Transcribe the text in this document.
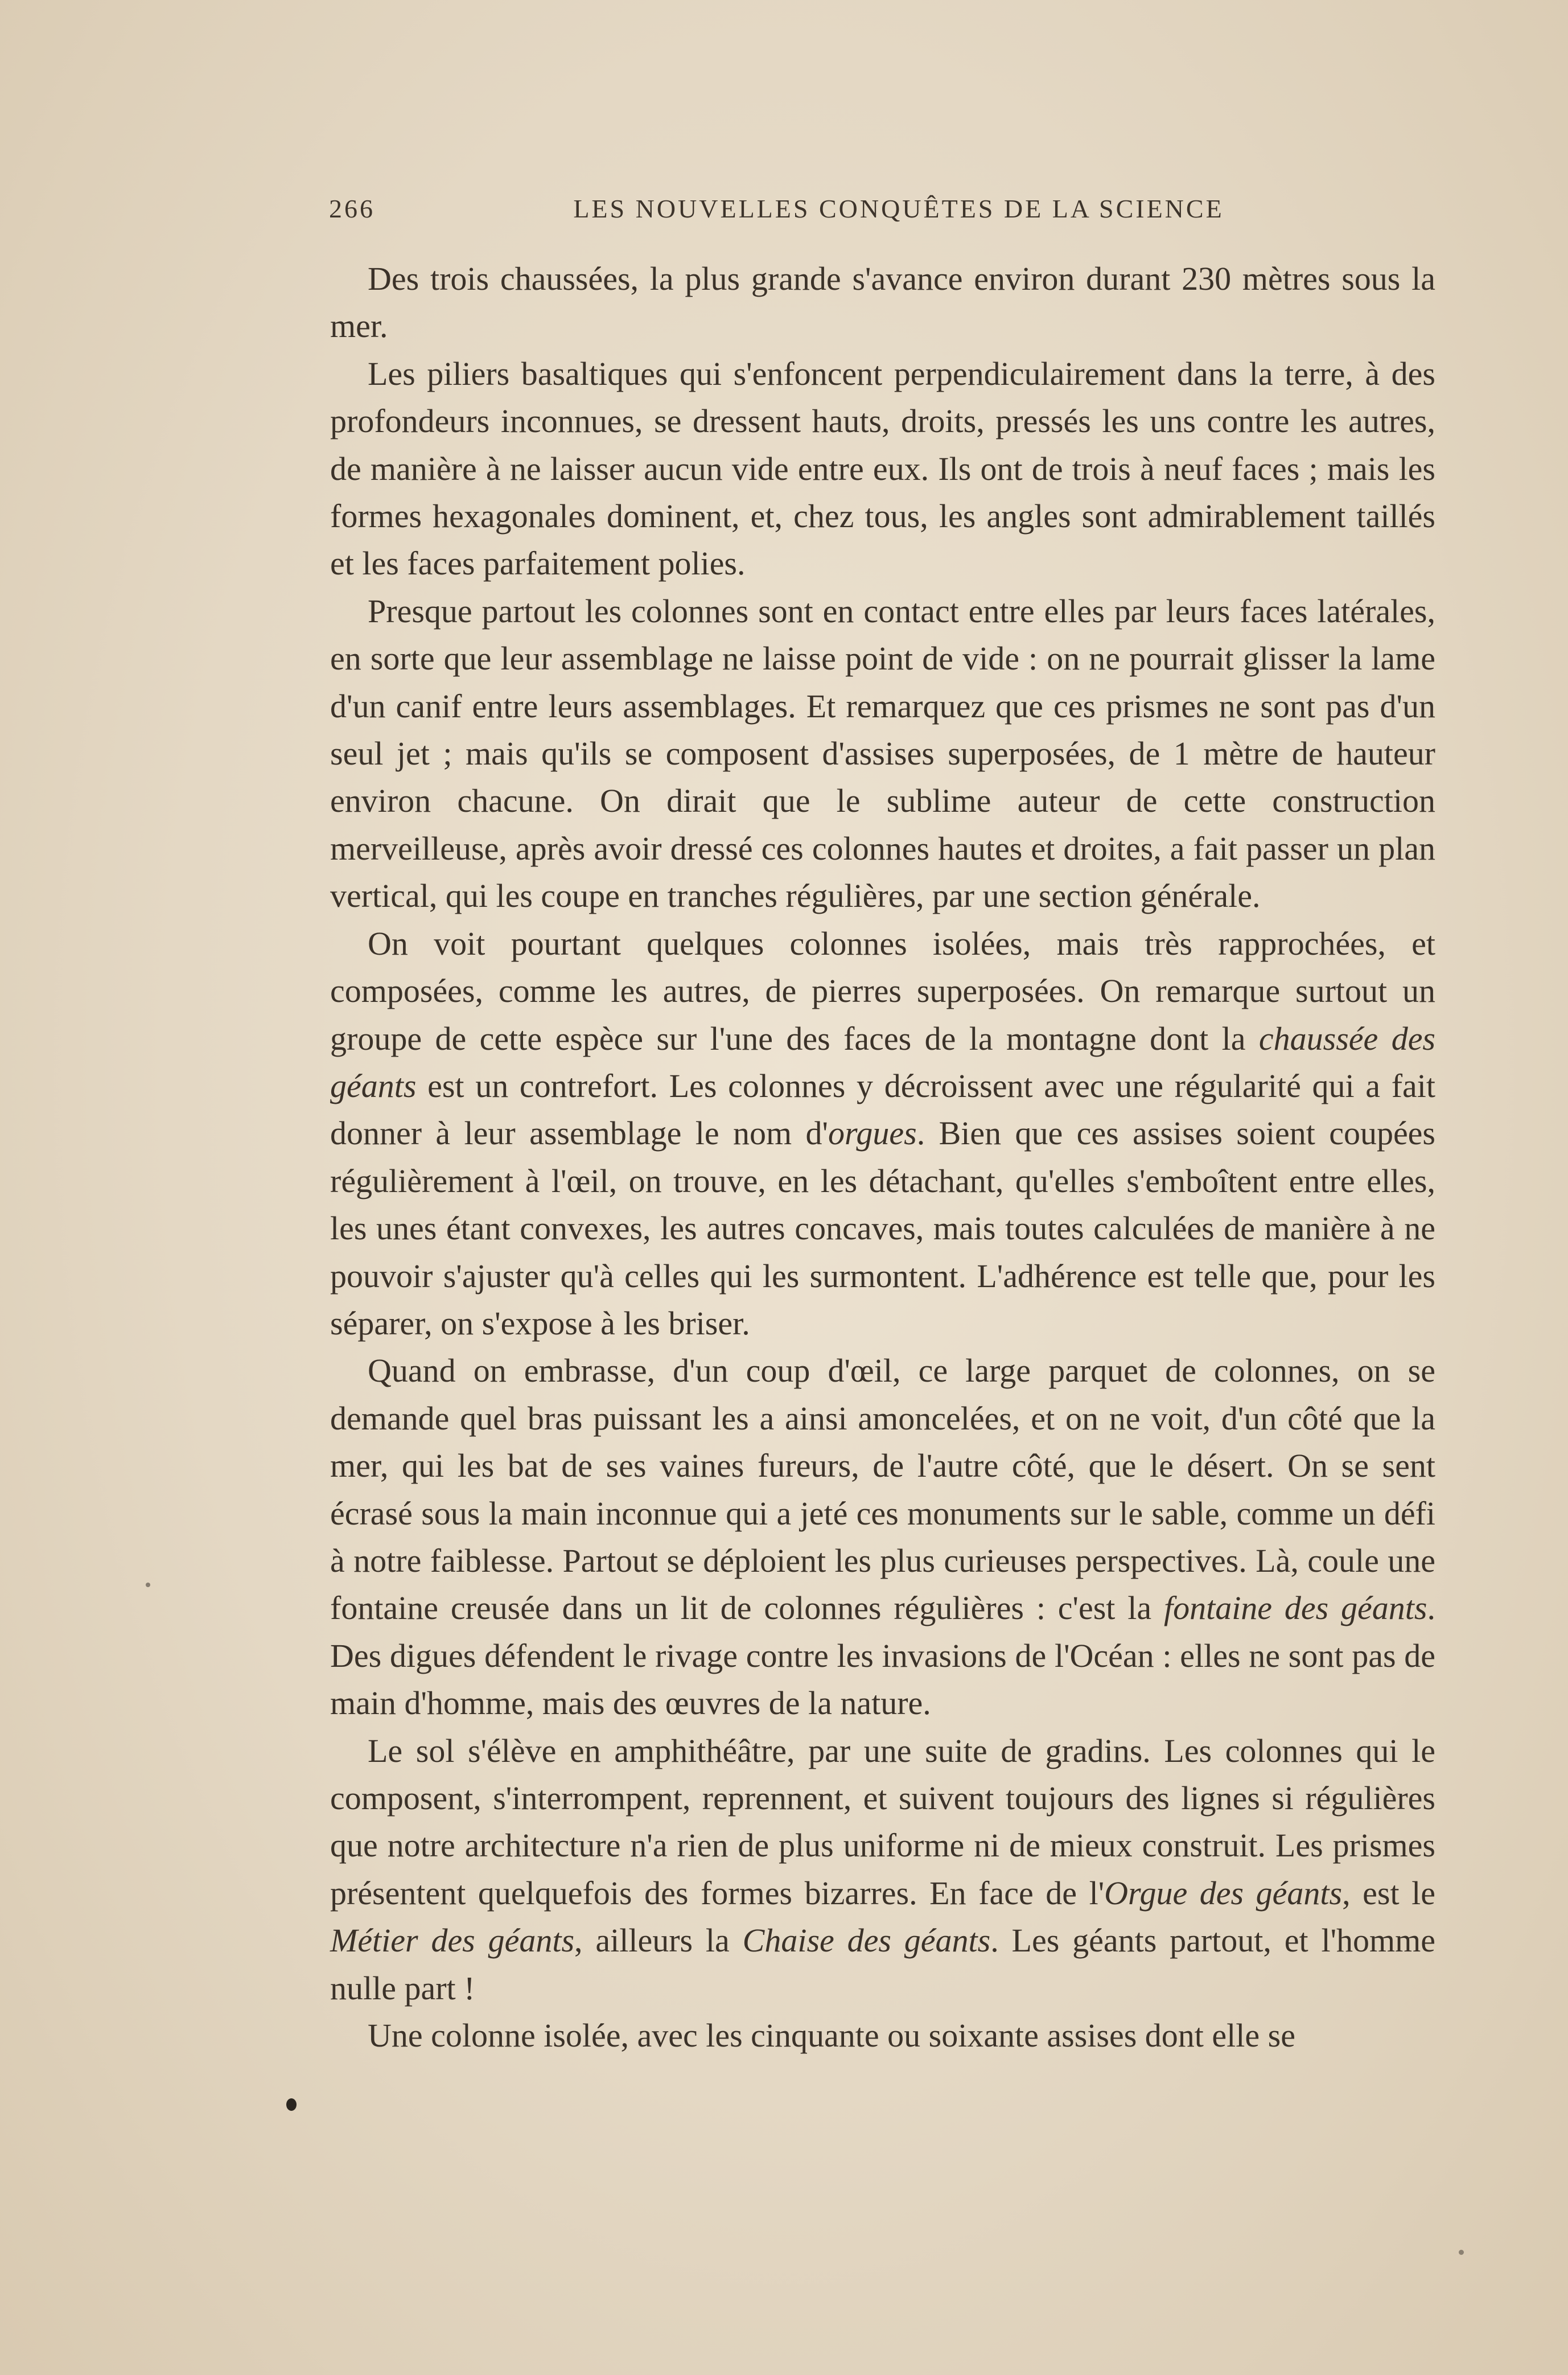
266	LES NOUVELLES CONQUÊTES DE LA SCIENCE

Des trois chaussées, la plus grande s'avance environ durant 230 mètres sous la mer.

Les piliers basaltiques qui s'enfoncent perpendiculairement dans la terre, à des profondeurs inconnues, se dressent hauts, droits, pressés les uns contre les autres, de manière à ne laisser aucun vide entre eux. Ils ont de trois à neuf faces ; mais les formes hexagonales dominent, et, chez tous, les angles sont admirablement taillés et les faces parfaitement polies.

Presque partout les colonnes sont en contact entre elles par leurs faces latérales, en sorte que leur assemblage ne laisse point de vide : on ne pourrait glisser la lame d'un canif entre leurs assemblages. Et remarquez que ces prismes ne sont pas d'un seul jet ; mais qu'ils se composent d'assises superposées, de 1 mètre de hauteur environ chacune. On dirait que le sublime auteur de cette construction merveilleuse, après avoir dressé ces colonnes hautes et droites, a fait passer un plan vertical, qui les coupe en tranches régulières, par une section générale.

On voit pourtant quelques colonnes isolées, mais très rapprochées, et composées, comme les autres, de pierres superposées. On remarque surtout un groupe de cette espèce sur l'une des faces de la montagne dont la chaussée des géants est un contrefort. Les colonnes y décroissent avec une régularité qui a fait donner à leur assemblage le nom d'orgues. Bien que ces assises soient coupées régulièrement à l'œil, on trouve, en les détachant, qu'elles s'emboîtent entre elles, les unes étant convexes, les autres concaves, mais toutes calculées de manière à ne pouvoir s'ajuster qu'à celles qui les surmontent. L'adhérence est telle que, pour les séparer, on s'expose à les briser.

Quand on embrasse, d'un coup d'œil, ce large parquet de colonnes, on se demande quel bras puissant les a ainsi amoncelées, et on ne voit, d'un côté que la mer, qui les bat de ses vaines fureurs, de l'autre côté, que le désert. On se sent écrasé sous la main inconnue qui a jeté ces monuments sur le sable, comme un défi à notre faiblesse. Partout se déploient les plus curieuses perspectives. Là, coule une fontaine creusée dans un lit de colonnes régulières : c'est la fontaine des géants. Des digues défendent le rivage contre les invasions de l'Océan : elles ne sont pas de main d'homme, mais des œuvres de la nature.

Le sol s'élève en amphithéâtre, par une suite de gradins. Les colonnes qui le composent, s'interrompent, reprennent, et suivent toujours des lignes si régulières que notre architecture n'a rien de plus uniforme ni de mieux construit. Les prismes présentent quelquefois des formes bizarres. En face de l'Orgue des géants, est le Métier des géants, ailleurs la Chaise des géants. Les géants partout, et l'homme nulle part !

Une colonne isolée, avec les cinquante ou soixante assises dont elle se
